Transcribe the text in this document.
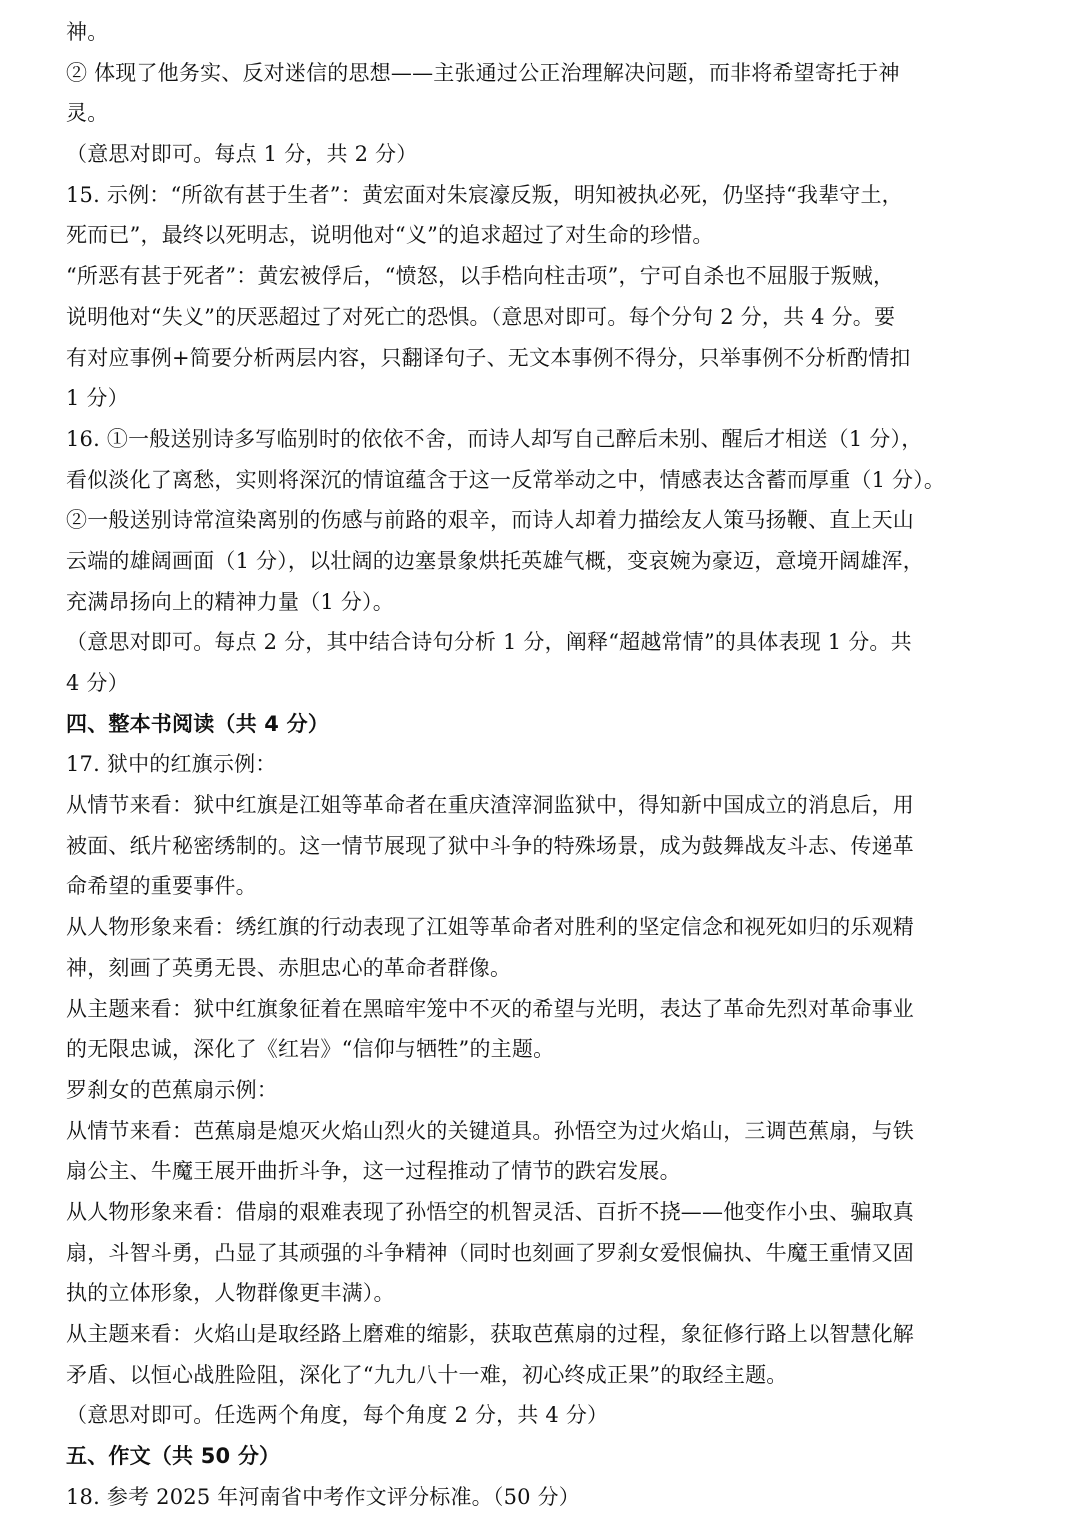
神。
② 体现了他务实、反对迷信的思想——主张通过公正治理解决问题，而非将希望寄托于神
灵。
（意思对即可。每点 1 分，共 2 分）
15. 示例：“所欲有甚于生者”：黄宏面对朱宸濠反叛，明知被执必死，仍坚持“我辈守土，
死而已”，最终以死明志，说明他对“义”的追求超过了对生命的珍惜。
“所恶有甚于死者”：黄宏被俘后，“愤怒，以手梏向柱击项”，宁可自杀也不屈服于叛贼，
说明他对“失义”的厌恶超过了对死亡的恐惧。（意思对即可。每个分句 2 分，共 4 分。要
有对应事例+简要分析两层内容，只翻译句子、无文本事例不得分，只举事例不分析酌情扣
1 分）
16. ①一般送别诗多写临别时的依依不舍，而诗人却写自己醉后未别、醒后才相送（1 分），
看似淡化了离愁，实则将深沉的情谊蕴含于这一反常举动之中，情感表达含蓄而厚重（1 分）。
②一般送别诗常渲染离别的伤感与前路的艰辛，而诗人却着力描绘友人策马扬鞭、直上天山
云端的雄阔画面（1 分），以壮阔的边塞景象烘托英雄气概，变哀婉为豪迈，意境开阔雄浑，
充满昂扬向上的精神力量（1 分）。
（意思对即可。每点 2 分，其中结合诗句分析 1 分，阐释“超越常情”的具体表现 1 分。共
4 分）
四、整本书阅读（共 4 分）
17. 狱中的红旗示例：
从情节来看：狱中红旗是江姐等革命者在重庆渣滓洞监狱中，得知新中国成立的消息后，用
被面、纸片秘密绣制的。这一情节展现了狱中斗争的特殊场景，成为鼓舞战友斗志、传递革
命希望的重要事件。
从人物形象来看：绣红旗的行动表现了江姐等革命者对胜利的坚定信念和视死如归的乐观精
神，刻画了英勇无畏、赤胆忠心的革命者群像。
从主题来看：狱中红旗象征着在黑暗牢笼中不灭的希望与光明，表达了革命先烈对革命事业
的无限忠诚，深化了《红岩》“信仰与牺牲”的主题。
罗刹女的芭蕉扇示例：
从情节来看：芭蕉扇是熄灭火焰山烈火的关键道具。孙悟空为过火焰山，三调芭蕉扇，与铁
扇公主、牛魔王展开曲折斗争，这一过程推动了情节的跌宕发展。
从人物形象来看：借扇的艰难表现了孙悟空的机智灵活、百折不挠——他变作小虫、骗取真
扇，斗智斗勇，凸显了其顽强的斗争精神（同时也刻画了罗刹女爱恨偏执、牛魔王重情又固
执的立体形象，人物群像更丰满）。
从主题来看：火焰山是取经路上磨难的缩影，获取芭蕉扇的过程，象征修行路上以智慧化解
矛盾、以恒心战胜险阻，深化了“九九八十一难，初心终成正果”的取经主题。
（意思对即可。任选两个角度，每个角度 2 分，共 4 分）
五、作文（共 50 分）
18. 参考 2025 年河南省中考作文评分标准。（50 分）
